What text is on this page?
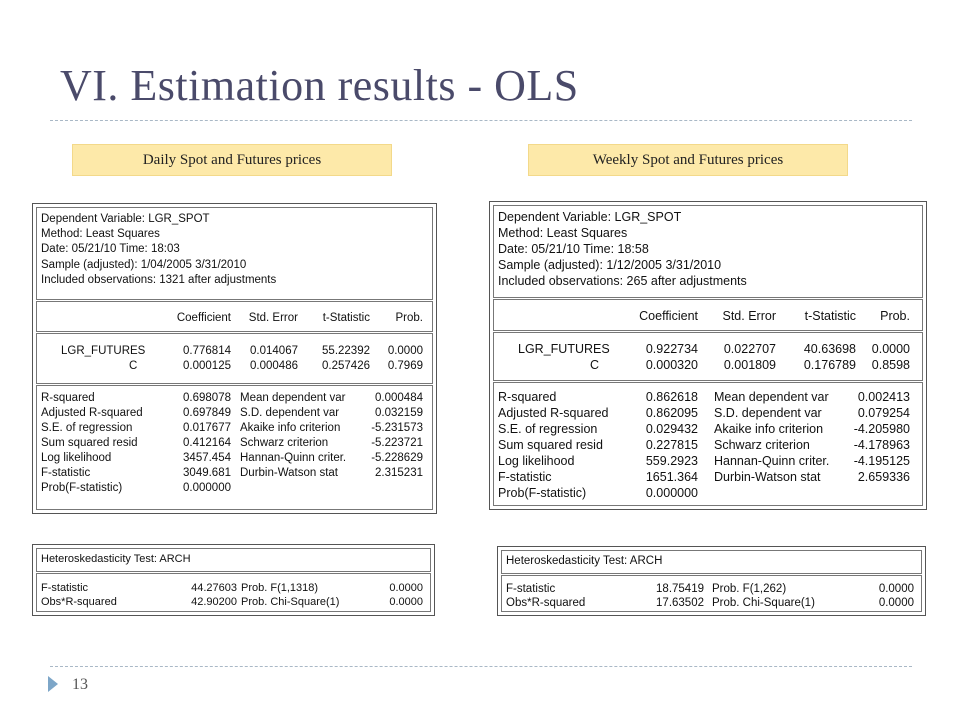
VI. Estimation results - OLS
Daily Spot and Futures prices	Weekly Spot and Futures prices
Dependent Variable: LGR_SPOT
Method: Least Squares
Date: 05/21/10 Time: 18:03
Sample (adjusted): 1/04/2005 3/31/2010
Included observations: 1321 after adjustments
Coefficient	Std. Error	t-Statistic	Prob.
LGR_FUTURES	0.776814	0.014067	55.22392	0.0000
C	0.000125	0.000486	0.257426	0.7969
R-squared	0.698078 Mean dependent var	0.000484
Adjusted R-squared	0.697849 S.D. dependent var	0.032159
S.E. of regression	0.017677 Akaike info criterion	-5.231573
Sum squared resid	0.412164 Schwarz criterion	-5.223721
Log likelihood	3457.454 Hannan-Quinn criter.	-5.228629
F-statistic	3049.681 Durbin-Watson stat	2.315231
Prob(F-statistic)	0.000000
Dependent Variable: LGR_SPOT
Method: Least Squares
Date: 05/21/10 Time: 18:58
Sample (adjusted): 1/12/2005 3/31/2010
Included observations: 265 after adjustments
Coefficient	Std. Error	t-Statistic	Prob.
LGR_FUTURES	0.922734	0.022707	40.63698	0.0000
C	0.000320	0.001809	0.176789	0.8598
R-squared	0.862618 Mean dependent var	0.002413
Adjusted R-squared	0.862095 S.D. dependent var	0.079254
S.E. of regression	0.029432 Akaike info criterion	-4.205980
Sum squared resid	0.227815 Schwarz criterion	-4.178963
Log likelihood	559.2923 Hannan-Quinn criter.	-4.195125
F-statistic	1651.364 Durbin-Watson stat	2.659336
Prob(F-statistic)	0.000000
Heteroskedasticity Test: ARCH
F-statistic	44.27603 Prob. F(1,1318)	0.0000
Obs*R-squared	42.90200 Prob. Chi-Square(1)	0.0000
Heteroskedasticity Test: ARCH
F-statistic	18.75419 Prob. F(1,262)	0.0000
Obs*R-squared	17.63502 Prob. Chi-Square(1)	0.0000
13
